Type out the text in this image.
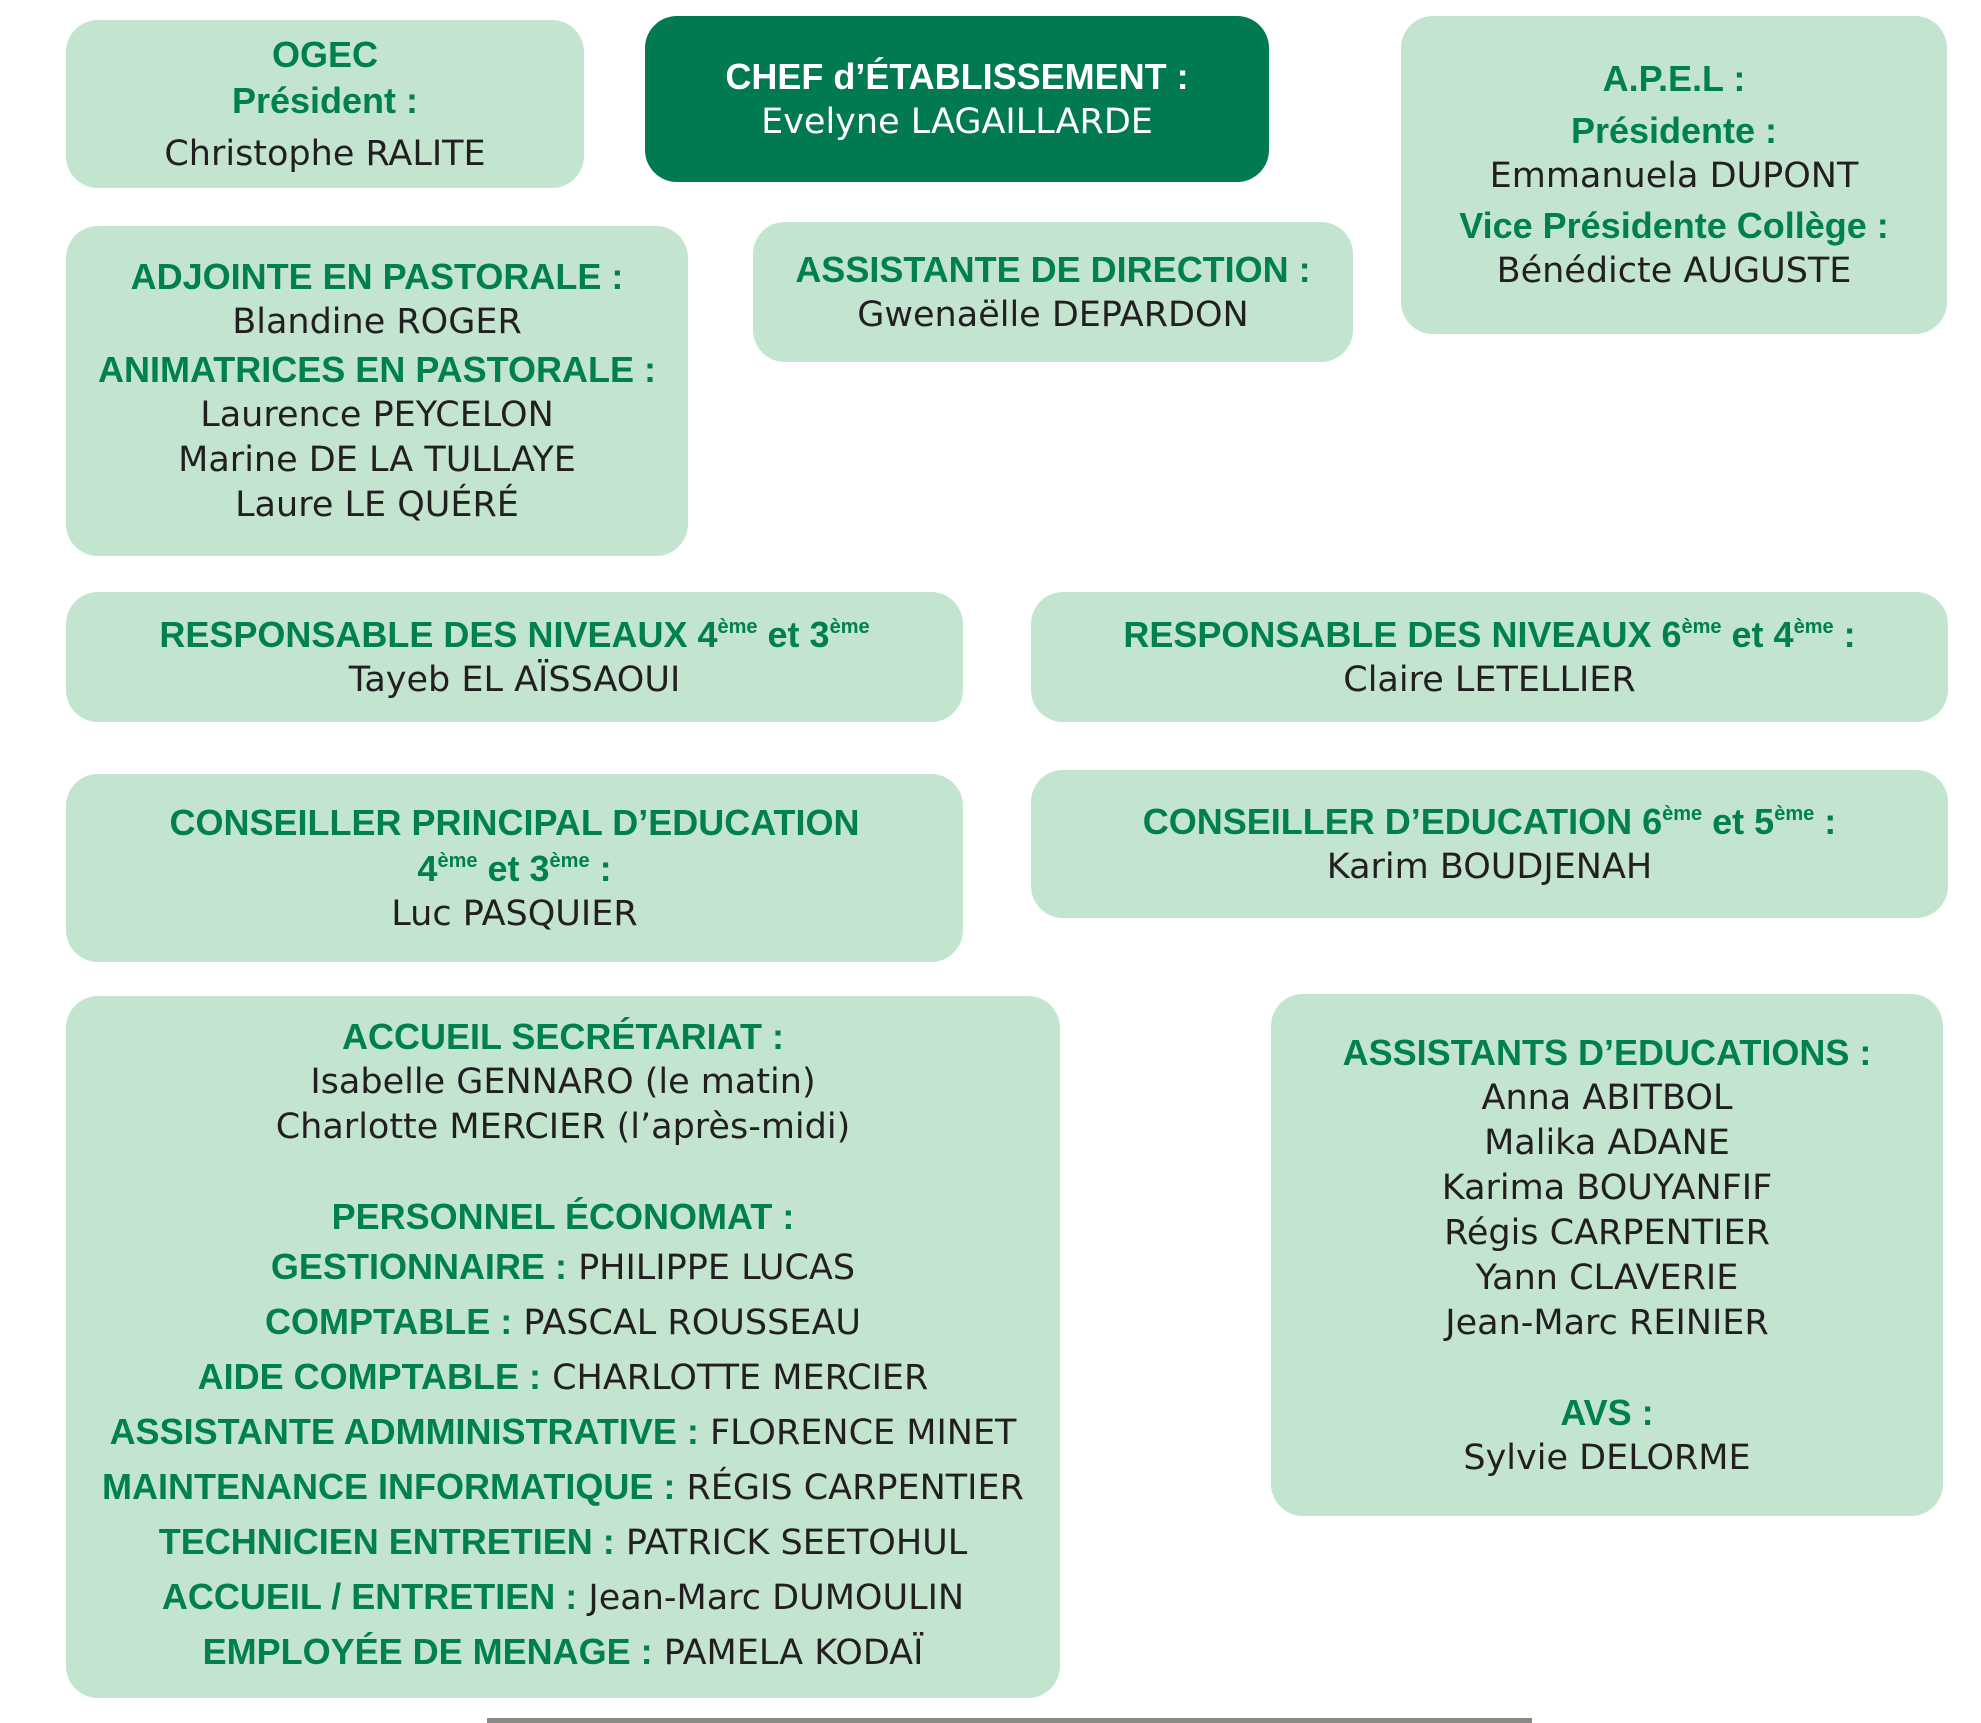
OGEC
Président :
Christophe RALITE
CHEF d’ÉTABLISSEMENT :
Evelyne LAGAILLARDE
A.P.E.L :
Présidente :
Emmanuela DUPONT
Vice Présidente Collège :
Bénédicte AUGUSTE
ADJOINTE EN PASTORALE :
Blandine ROGER
ANIMATRICES EN PASTORALE :
Laurence PEYCELON
Marine DE LA TULLAYE
Laure LE QUÉRÉ
ASSISTANTE DE DIRECTION :
Gwenaëlle DEPARDON
RESPONSABLE DES NIVEAUX 4ème et 3ème
Tayeb EL AÏSSAOUI
RESPONSABLE DES NIVEAUX 6ème et 4ème :
Claire LETELLIER
CONSEILLER PRINCIPAL D’EDUCATION
4ème et 3ème :
Luc PASQUIER
CONSEILLER D’EDUCATION 6ème et 5ème :
Karim BOUDJENAH
ACCUEIL SECRÉTARIAT :
Isabelle GENNARO (le matin)
Charlotte MERCIER (l’après-midi)
PERSONNEL ÉCONOMAT :
GESTIONNAIRE : PHILIPPE LUCAS
COMPTABLE : PASCAL ROUSSEAU
AIDE COMPTABLE : CHARLOTTE MERCIER
ASSISTANTE ADMMINISTRATIVE : FLORENCE MINET
MAINTENANCE INFORMATIQUE : RÉGIS CARPENTIER
TECHNICIEN ENTRETIEN : PATRICK SEETOHUL
ACCUEIL / ENTRETIEN : Jean-Marc DUMOULIN
EMPLOYÉE DE MENAGE : PAMELA KODAÏ
ASSISTANTS D’EDUCATIONS :
Anna ABITBOL
Malika ADANE
Karima BOUYANFIF
Régis CARPENTIER
Yann CLAVERIE
Jean-Marc REINIER
AVS :
Sylvie DELORME
